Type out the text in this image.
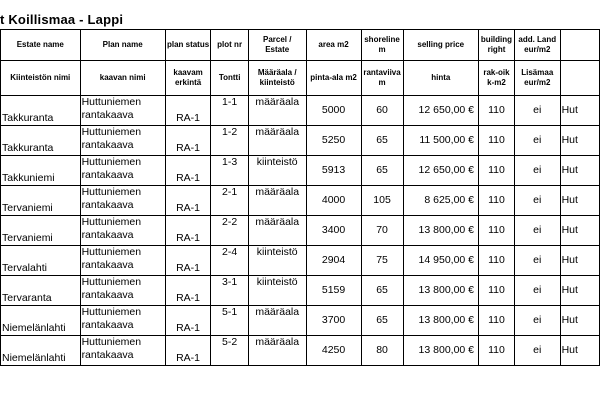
t Koillismaa - Lappi
Estate name	Plan name	plan status	plot nr	Parcel / Estate	area m2	shoreline m	selling price	building right	add. Land eur/m2	
Kiinteistön nimi	kaavan nimi	kaavam erkintä	Tontti	Määräala / kiinteistö	pinta-ala m2	rantaviiva m	hinta	rak-oik k-m2	Lisämaa eur/m2	
Takkuranta	Huttuniemen
rantakaava	RA-1	1-1	määräala	5000	60	12 650,00 €	110	ei	Hut
Takkuranta	Huttuniemen
rantakaava	RA-1	1-2	määräala	5250	65	11 500,00 €	110	ei	Hut
Takkuniemi	Huttuniemen
rantakaava	RA-1	1-3	kiinteistö	5913	65	12 650,00 €	110	ei	Hut
Tervaniemi	Huttuniemen
rantakaava	RA-1	2-1	määräala	4000	105	8 625,00 €	110	ei	Hut
Tervaniemi	Huttuniemen
rantakaava	RA-1	2-2	määräala	3400	70	13 800,00 €	110	ei	Hut
Tervalahti	Huttuniemen
rantakaava	RA-1	2-4	kiinteistö	2904	75	14 950,00 €	110	ei	Hut
Tervaranta	Huttuniemen
rantakaava	RA-1	3-1	kiinteistö	5159	65	13 800,00 €	110	ei	Hut
Niemelänlahti	Huttuniemen
rantakaava	RA-1	5-1	määräala	3700	65	13 800,00 €	110	ei	Hut
Niemelänlahti	Huttuniemen
rantakaava	RA-1	5-2	määräala	4250	80	13 800,00 €	110	ei	Hut
